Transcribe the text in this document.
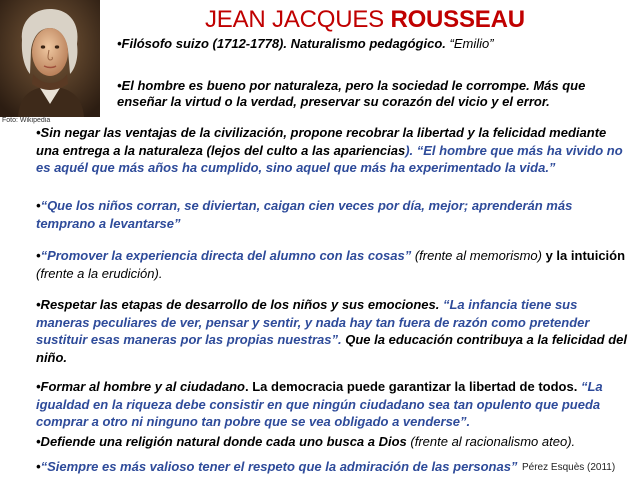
JEAN JACQUES ROUSSEAU
Foto: Wikipedia
•Filósofo suizo (1712-1778). Naturalismo pedagógico. “Emilio”
•El hombre es bueno por naturaleza, pero la sociedad le corrompe. Más que enseñar la virtud o la verdad, preservar su corazón del vicio y el error.
•Sin negar las ventajas de la civilización, propone recobrar la libertad y la felicidad mediante una entrega a la naturaleza (lejos del culto a las apariencias). “El hombre que más ha vivido no es aquél que más años ha cumplido, sino aquel que más ha experimentado la vida.”
•“Que los niños corran, se diviertan, caigan cien veces por día, mejor; aprenderán más temprano a levantarse”
•“Promover la experiencia directa del alumno con las cosas” (frente al memorismo) y la intuición (frente a la erudición).
•Respetar las etapas de desarrollo de los niños y sus emociones. “La infancia tiene sus maneras peculiares de ver, pensar y sentir, y nada hay tan fuera de razón como pretender sustituir esas maneras por las propias nuestras”. Que la educación contribuya a la felicidad del niño.
•Formar al hombre y al ciudadano. La democracia puede garantizar la libertad de todos. “La igualdad en la riqueza debe consistir en que ningún ciudadano sea tan opulento que pueda comprar a otro ni ninguno tan pobre que se vea obligado a venderse”.
•Defiende una religión natural donde cada uno busca a Dios (frente al racionalismo ateo).
•“Siempre es más valioso tener el respeto que la admiración de las personas” Pérez Esquès (2011)
